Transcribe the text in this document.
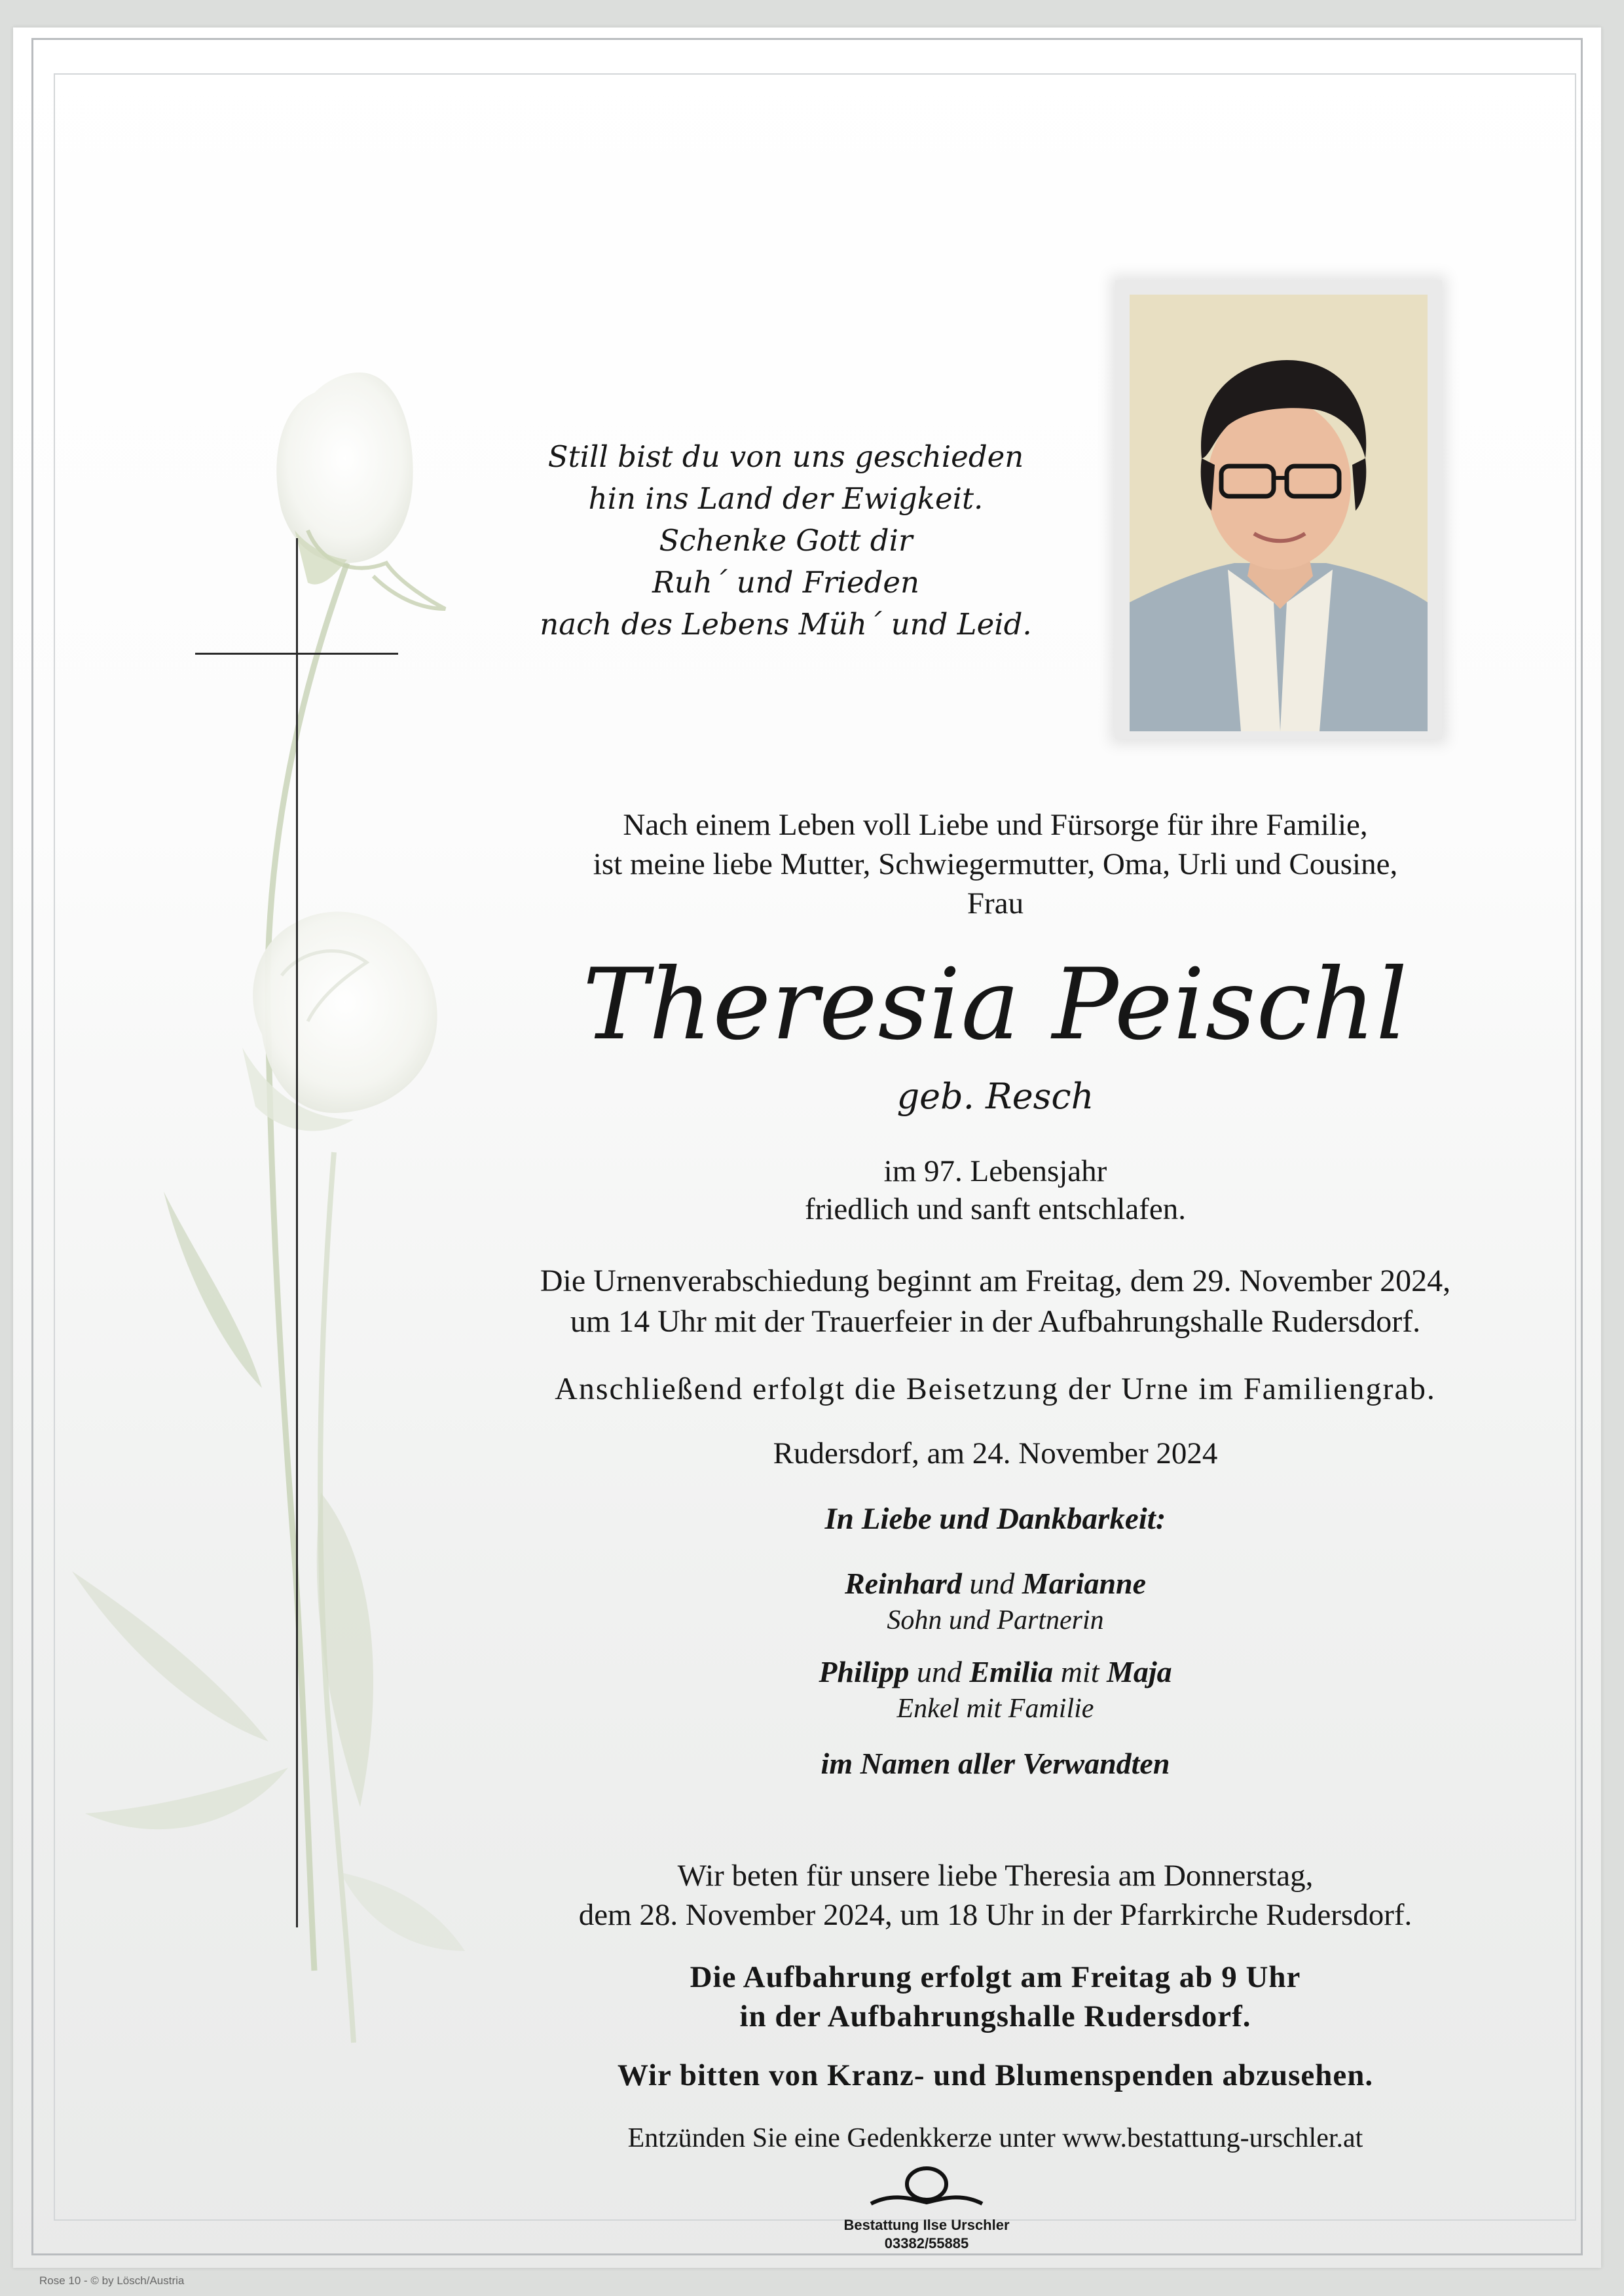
Still bist du von uns geschieden
hin ins Land der Ewigkeit.
Schenke Gott dir
Ruh´ und Frieden
nach des Lebens Müh´ und Leid.
Nach einem Leben voll Liebe und Fürsorge für ihre Familie,
ist meine liebe Mutter, Schwiegermutter, Oma, Urli und Cousine,
Frau
Theresia Peischl
geb. Resch
im 97. Lebensjahr
friedlich und sanft entschlafen.
Die Urnenverabschiedung beginnt am Freitag, dem 29. November 2024,
um 14 Uhr mit der Trauerfeier in der Aufbahrungshalle Rudersdorf.
Anschließend erfolgt die Beisetzung der Urne im Familiengrab.
Rudersdorf, am 24. November 2024
In Liebe und Dankbarkeit:
Reinhard und Marianne
Sohn und Partnerin
Philipp und Emilia mit Maja
Enkel mit Familie
im Namen aller Verwandten
Wir beten für unsere liebe Theresia am Donnerstag,
dem 28. November 2024, um 18 Uhr in der Pfarrkirche Rudersdorf.
Die Aufbahrung erfolgt am Freitag ab 9 Uhr
in der Aufbahrungshalle Rudersdorf.
Wir bitten von Kranz- und Blumenspenden abzusehen.
Entzünden Sie eine Gedenkkerze unter www.bestattung-urschler.at
Bestattung Ilse Urschler
03382/55885
Rose 10 - © by Lösch/Austria
